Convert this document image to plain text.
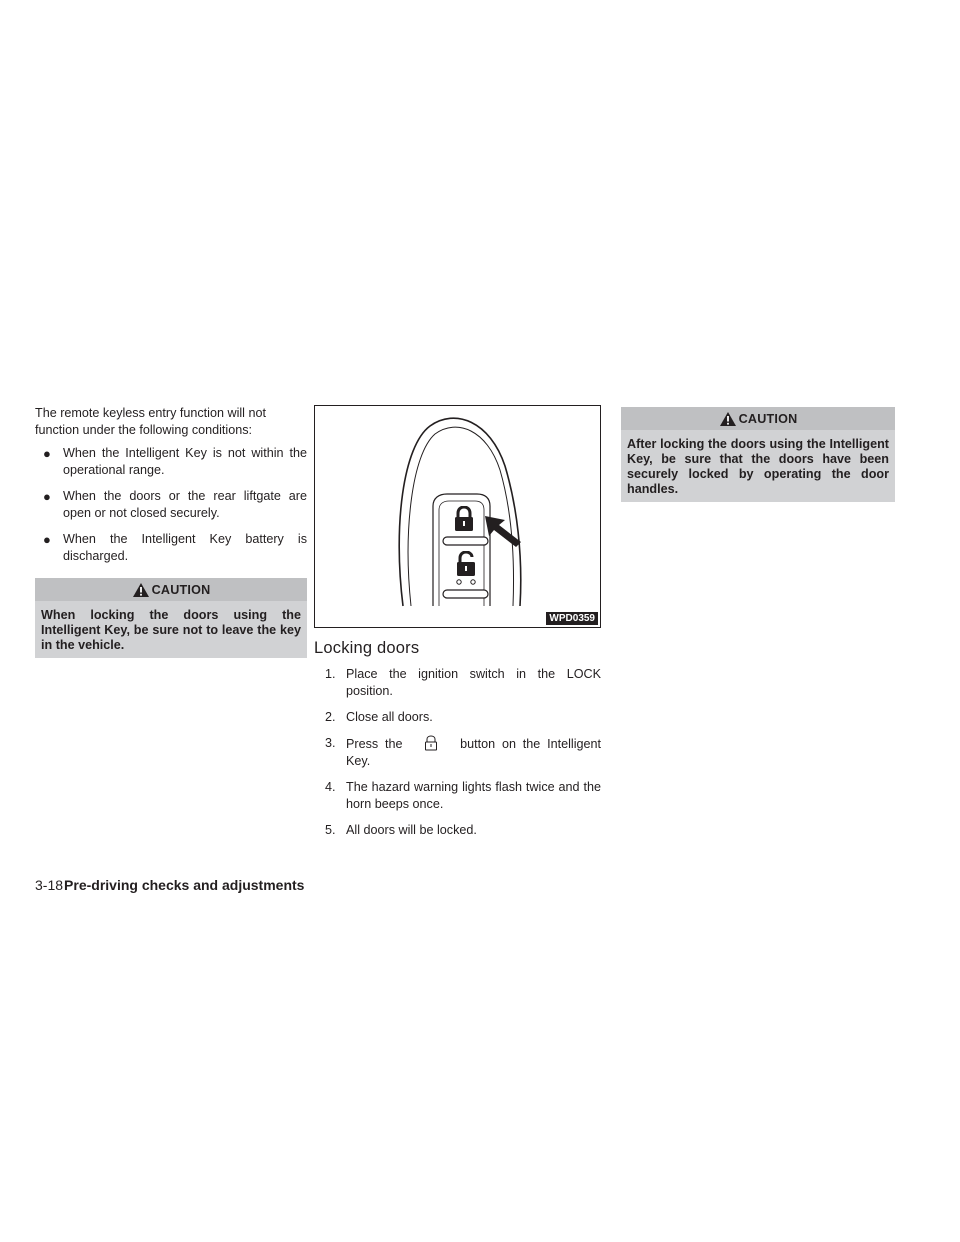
The remote keyless entry function will not function under the following conditions:

● When the Intelligent Key is not within the operational range.
● When the doors or the rear liftgate are open or not closed securely.
● When the Intelligent Key battery is discharged.
CAUTION
When locking the doors using the Intelligent Key, be sure not to leave the key in the vehicle.
WPD0359
Locking doors
1. Place the ignition switch in the LOCK position.
2. Close all doors.
3. Press the	button on the Intelligent Key.
4. The hazard warning lights flash twice and the horn beeps once.
5. All doors will be locked.
CAUTION
After locking the doors using the Intelligent Key, be sure that the doors have been securely locked by operating the door handles.
3-18Pre-driving checks and adjustments
